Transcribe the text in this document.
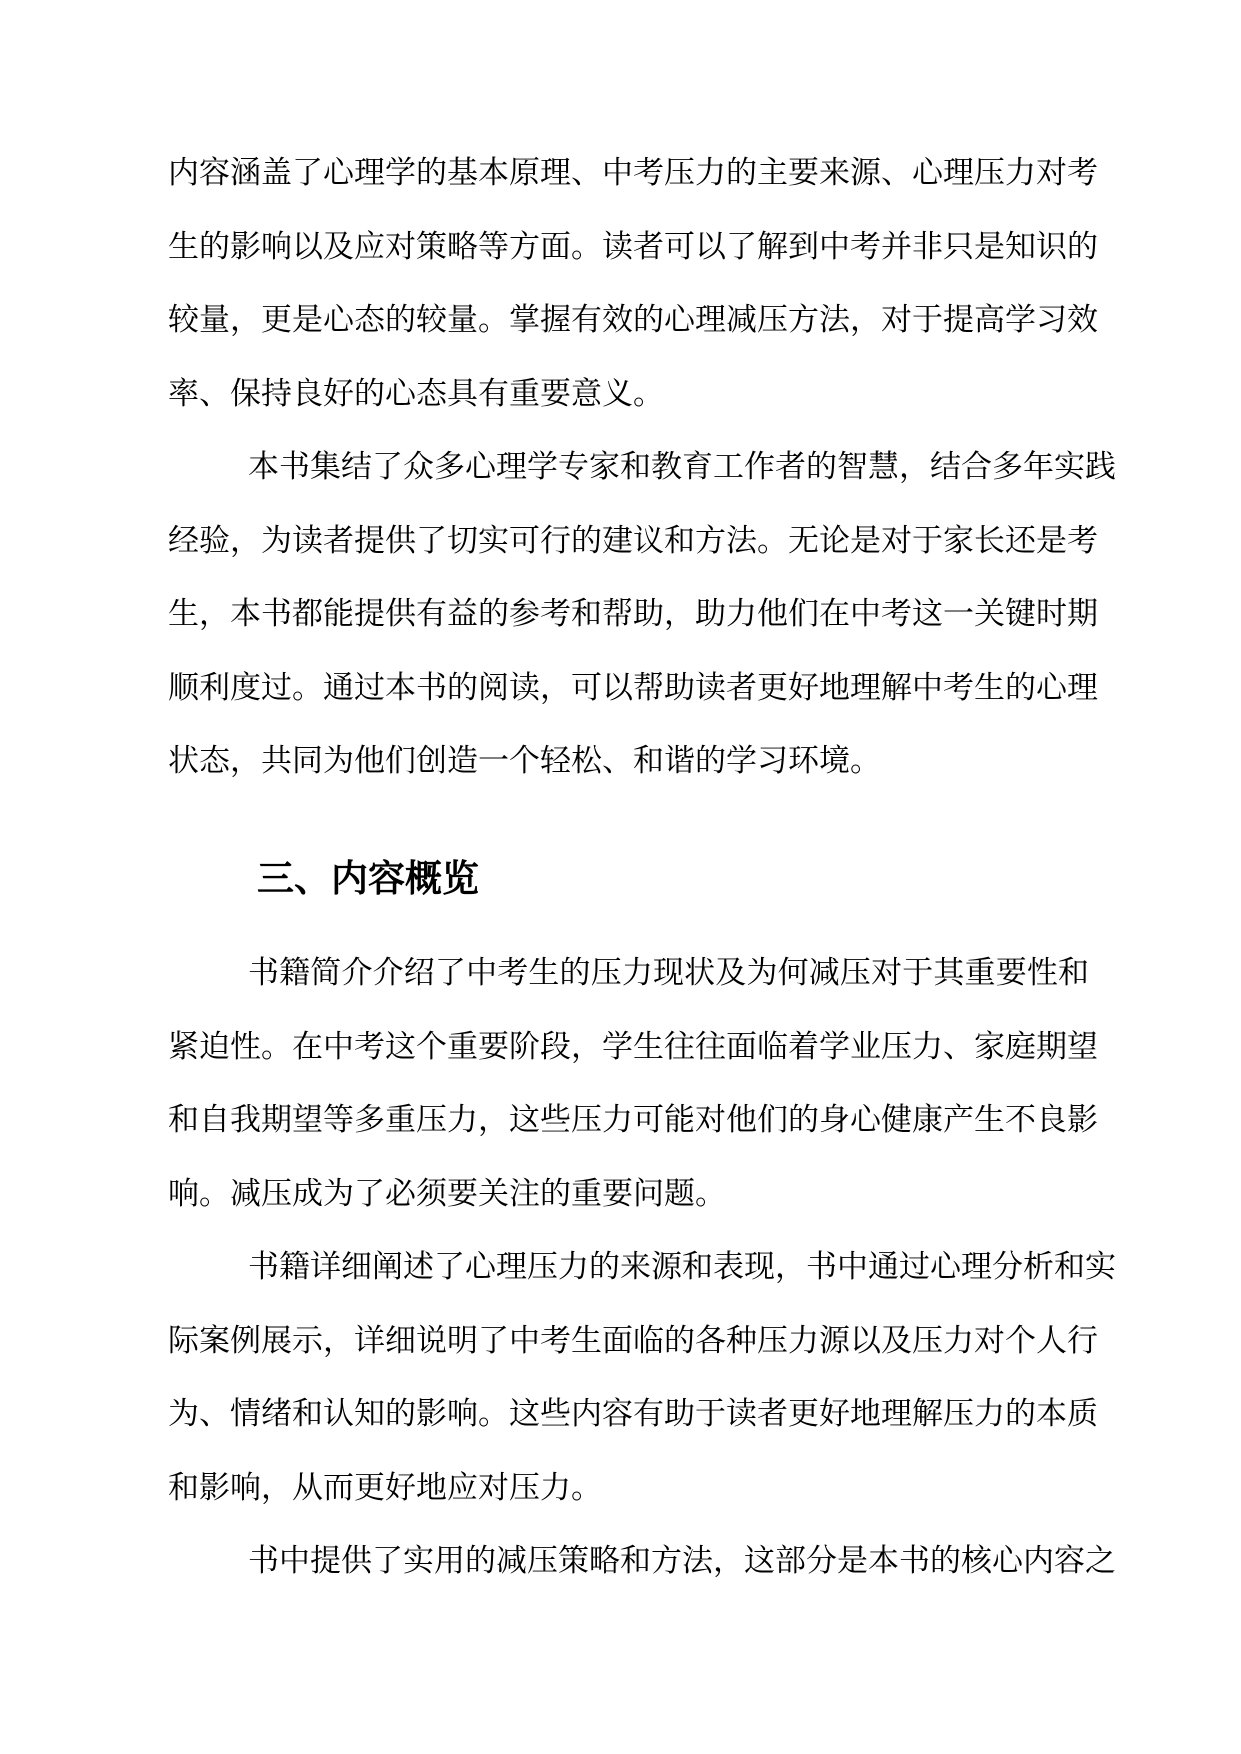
内容涵盖了心理学的基本原理、中考压力的主要来源、心理压力对考
生的影响以及应对策略等方面。读者可以了解到中考并非只是知识的
较量，更是心态的较量。掌握有效的心理减压方法，对于提高学习效
率、保持良好的心态具有重要意义。

本书集结了众多心理学专家和教育工作者的智慧，结合多年实践
经验，为读者提供了切实可行的建议和方法。无论是对于家长还是考
生，本书都能提供有益的参考和帮助，助力他们在中考这一关键时期
顺利度过。通过本书的阅读，可以帮助读者更好地理解中考生的心理
状态，共同为他们创造一个轻松、和谐的学习环境。

三、内容概览

书籍简介介绍了中考生的压力现状及为何减压对于其重要性和
紧迫性。在中考这个重要阶段，学生往往面临着学业压力、家庭期望
和自我期望等多重压力，这些压力可能对他们的身心健康产生不良影
响。减压成为了必须要关注的重要问题。

书籍详细阐述了心理压力的来源和表现，书中通过心理分析和实
际案例展示，详细说明了中考生面临的各种压力源以及压力对个人行
为、情绪和认知的影响。这些内容有助于读者更好地理解压力的本质
和影响，从而更好地应对压力。

书中提供了实用的减压策略和方法，这部分是本书的核心内容之
